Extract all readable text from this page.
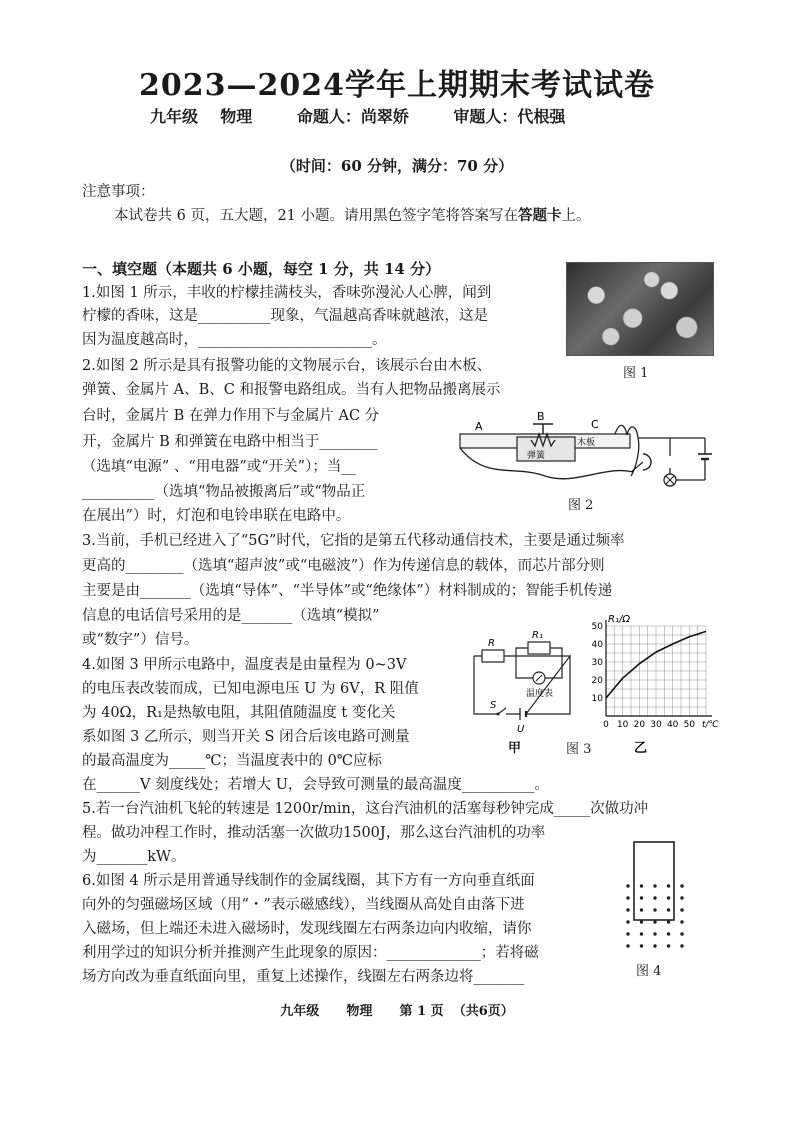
2023—2024学年上期期末考试试卷
九年级    物理        命题人：尚翠娇        审题人：代根强
（时间：60 分钟，满分：70 分）
注意事项：
本试卷共 6 页，五大题，21 小题。请用黑色签字笔将答案写在答题卡上。
一、填空题（本题共 6 小题，每空 1 分，共 14 分）
1.如图 1 所示，丰收的柠檬挂满枝头，香味弥漫沁人心脾，闻到
柠檬的香味，这是__________现象，气温越高香味就越浓，这是
因为温度越高时，________________________。
图 1
2.如图 2 所示是具有报警功能的文物展示台，该展示台由木板、
弹簧、金属片 A、B、C 和报警电路组成。当有人把物品搬离展示
台时，金属片 B 在弹力作用下与金属片 AC 分
开，金属片 B 和弹簧在电路中相当于________
（选填“电源” 、“用电器”或“开关”）；当__
__________（选填“物品被搬离后”或“物品正
在展出”）时，灯泡和电铃串联在电路中。
A
B
C
弹簧
木板
图 2
3.当前，手机已经进入了“5G”时代，它指的是第五代移动通信技术，主要是通过频率
更高的________（选填“超声波”或“电磁波”）作为传递信息的载体，而芯片部分则
主要是由_______（选填“导体”、“半导体”或“绝缘体”）材料制成的；智能手机传递
信息的电话信号采用的是_______（选填“模拟”
或“数字”）信号。
4.如图 3 甲所示电路中，温度表是由量程为 0~3V
的电压表改装而成，已知电源电压 U 为 6V，R 阻值
为 40Ω，R₁是热敏电阻，其阻值随温度 t 变化关
系如图 3 乙所示，则当开关 S 闭合后该电路可测量
的最高温度为_____℃；当温度表中的 0℃应标
在______V 刻度线处；若增大 U，会导致可测量的最高温度__________。
R
R₁
温度表
S
U
甲	图 3
0 10 20 30 40 50
10
20
30
40
50
R₁/Ω
t/℃
乙
5.若一台汽油机飞轮的转速是 1200r/min，这台汽油机的活塞每秒钟完成_____次做功冲
程。做功冲程工作时，推动活塞一次做功1500J，那么这台汽油机的功率
为_______kW。
6.如图 4 所示是用普通导线制作的金属线圈，其下方有一方向垂直纸面
向外的匀强磁场区域（用“・”表示磁感线），当线圈从高处自由落下进
入磁场，但上端还未进入磁场时，发现线圈左右两条边向内收缩，请你
利用学过的知识分析并推测产生此现象的原因：_____________；若将磁
场方向改为垂直纸面向里，重复上述操作，线圈左右两条边将_______	图 4
九年级      物理      第 1 页  （共6页）
